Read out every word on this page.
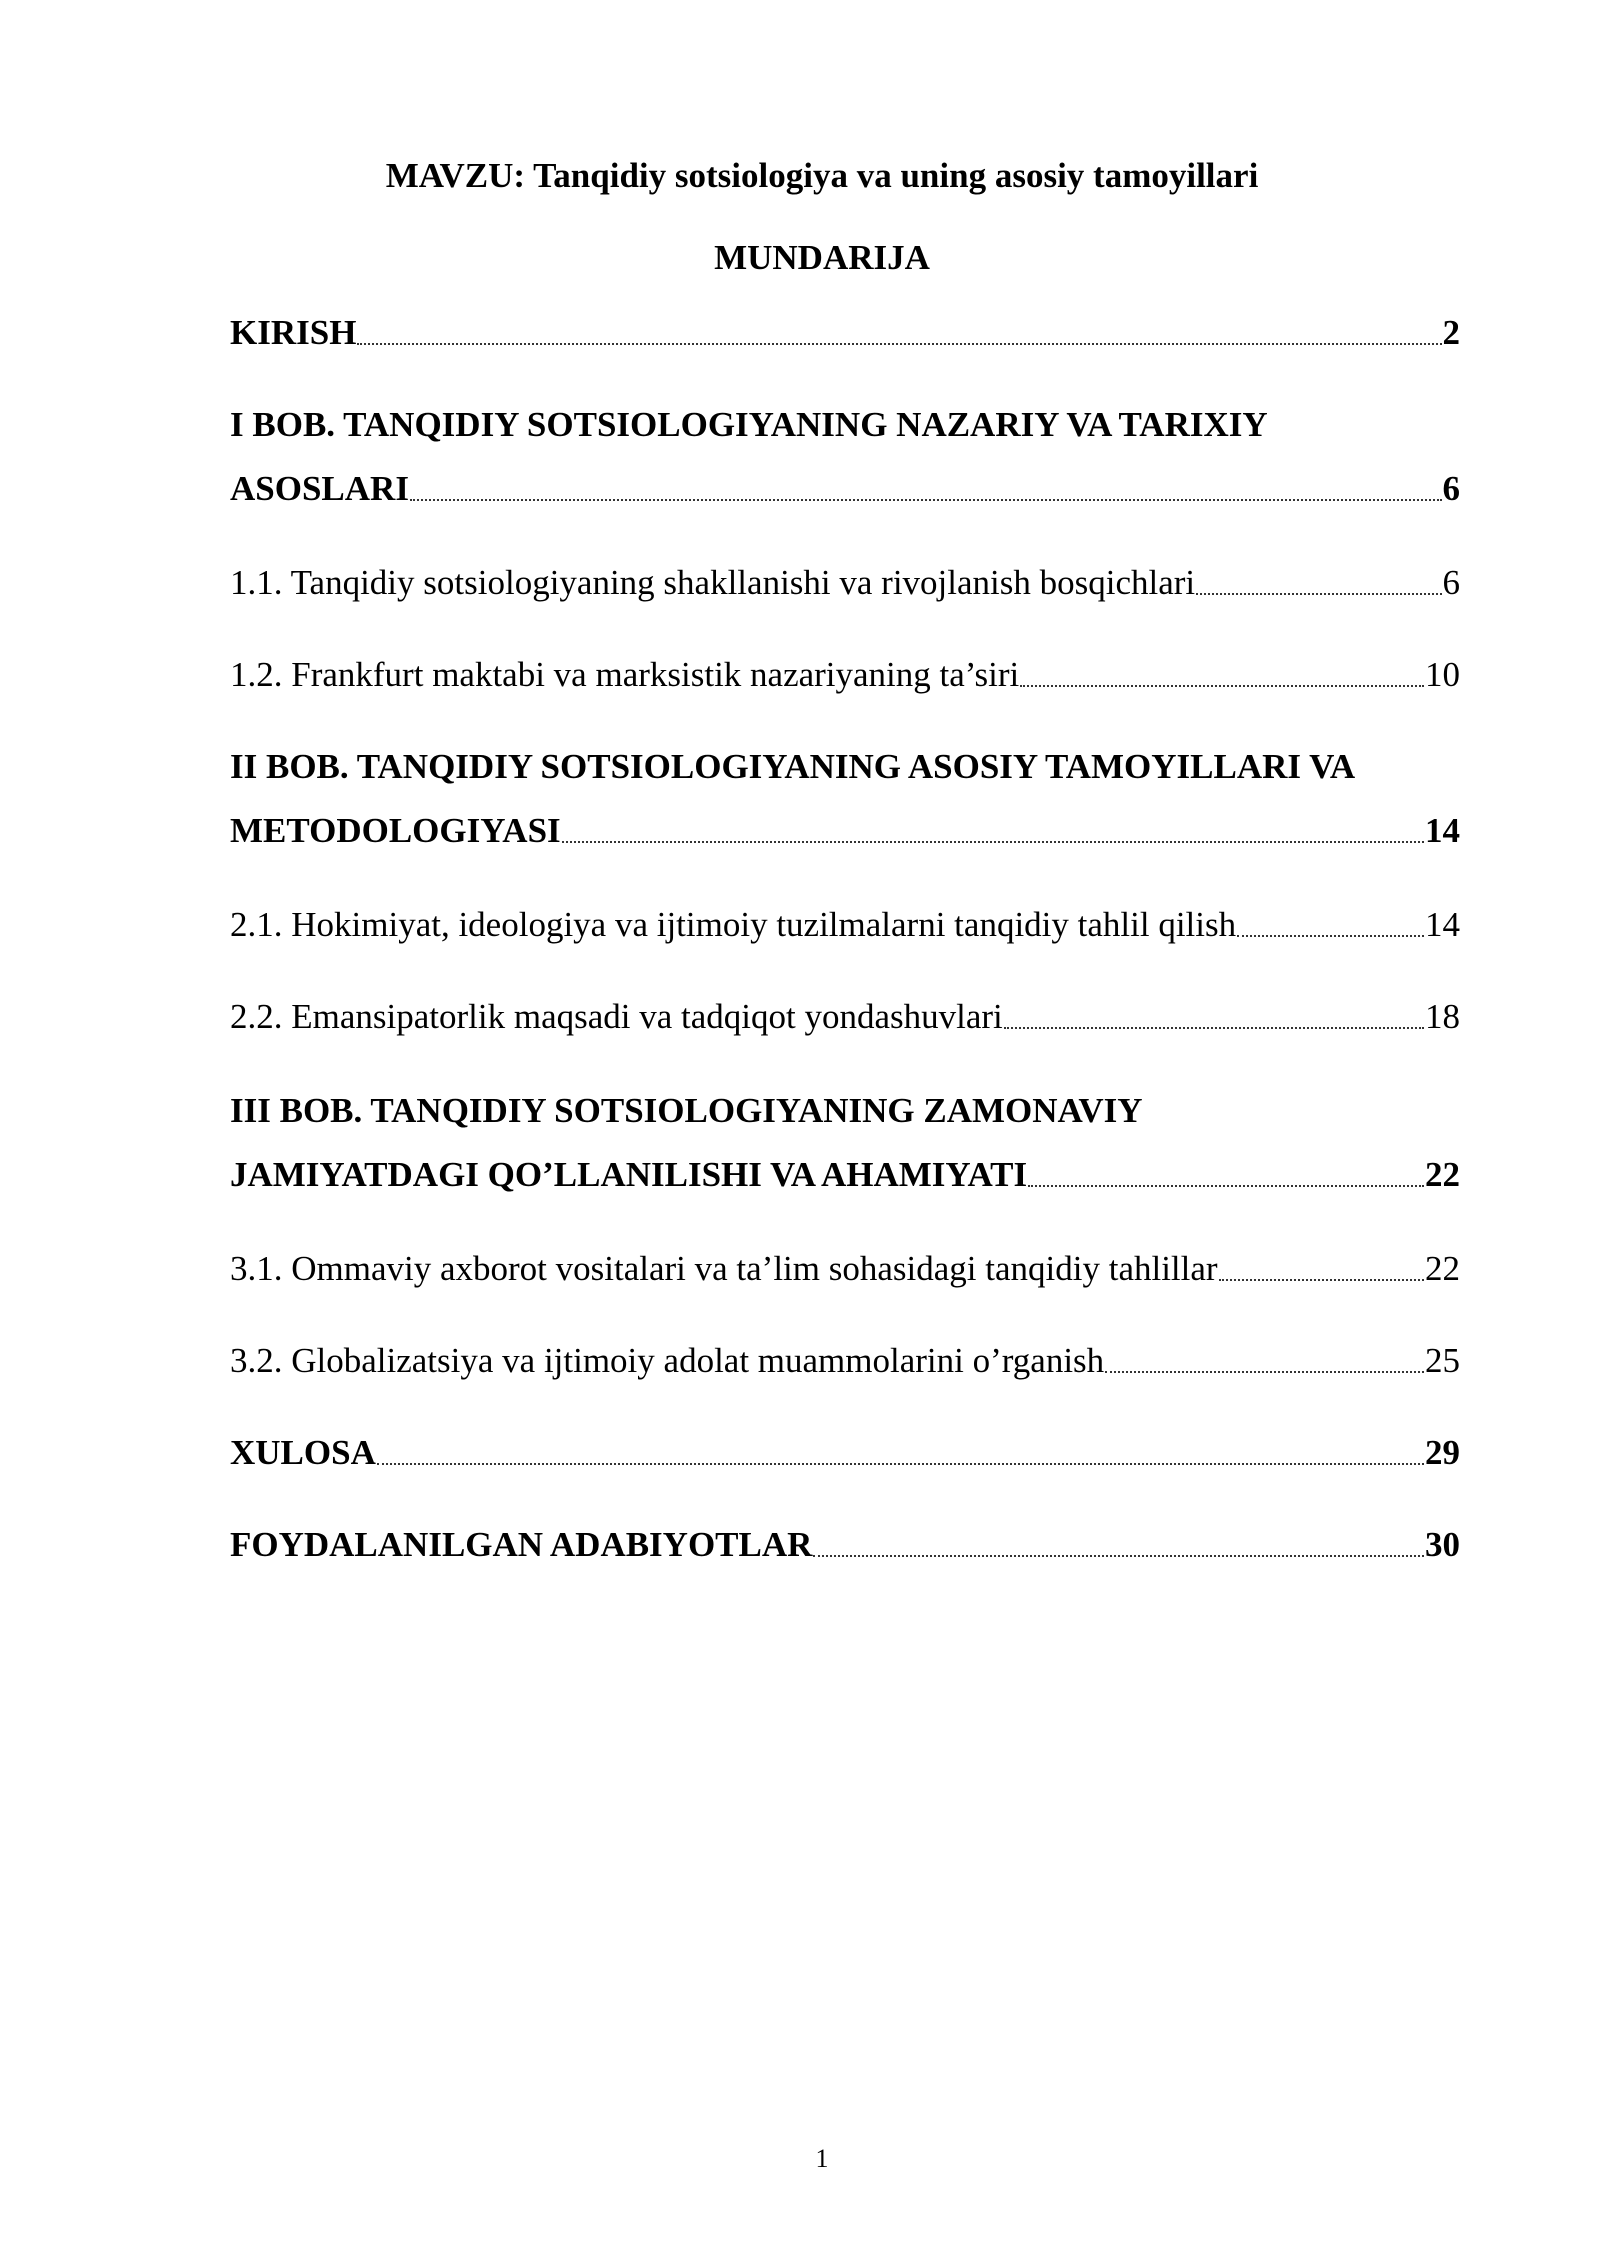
MAVZU: Tanqidiy sotsiologiya va uning asosiy tamoyillari
MUNDARIJA
KIRISH	2
I BOB. TANQIDIY SOTSIOLOGIYANING NAZARIY VA TARIXIY
ASOSLARI	6
1.1. Tanqidiy sotsiologiyaning shakllanishi va rivojlanish bosqichlari	6
1.2. Frankfurt maktabi va marksistik nazariyaning ta’siri	10
II BOB. TANQIDIY SOTSIOLOGIYANING ASOSIY TAMOYILLARI VA
METODOLOGIYASI	14
2.1. Hokimiyat, ideologiya va ijtimoiy tuzilmalarni tanqidiy tahlil qilish	14
2.2. Emansipatorlik maqsadi va tadqiqot yondashuvlari	18
III BOB. TANQIDIY SOTSIOLOGIYANING ZAMONAVIY
JAMIYATDAGI QO’LLANILISHI VA AHAMIYATI	22
3.1. Ommaviy axborot vositalari va ta’lim sohasidagi tanqidiy tahlillar	22
3.2. Globalizatsiya va ijtimoiy adolat muammolarini o’rganish	25
XULOSA	29
FOYDALANILGAN ADABIYOTLAR	30
1
